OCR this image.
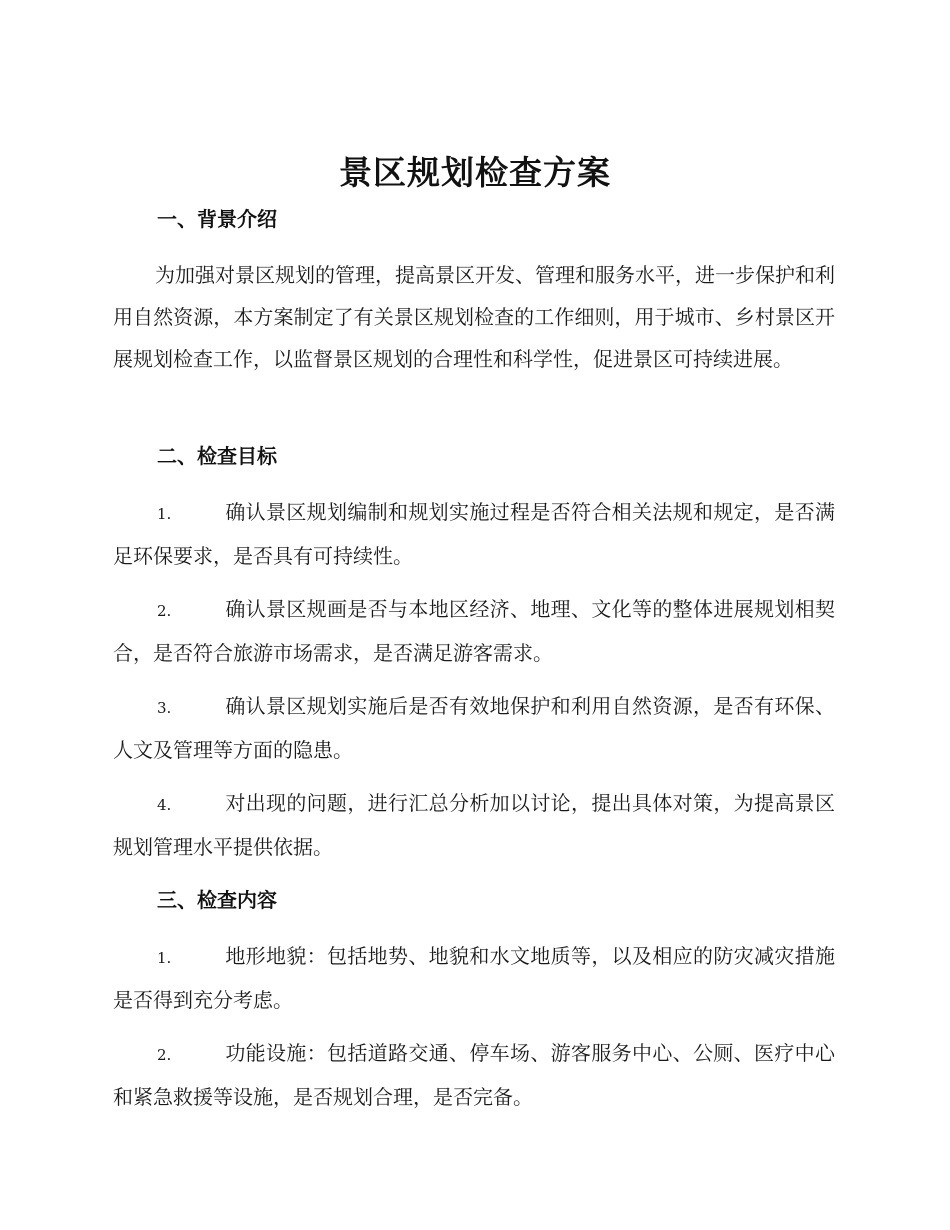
景区规划检查方案
一、背景介绍
为加强对景区规划的管理，提高景区开发、管理和服务水平，进一步保护和利用自然资源，本方案制定了有关景区规划检查的工作细则，用于城市、乡村景区开展规划检查工作，以监督景区规划的合理性和科学性，促进景区可持续进展。
二、检查目标
1.	确认景区规划编制和规划实施过程是否符合相关法规和规定，是否满足环保要求，是否具有可持续性。
2.	确认景区规画是否与本地区经济、地理、文化等的整体进展规划相契合，是否符合旅游市场需求，是否满足游客需求。
3.	确认景区规划实施后是否有效地保护和利用自然资源，是否有环保、人文及管理等方面的隐患。
4.	对出现的问题，进行汇总分析加以讨论，提出具体对策，为提高景区规划管理水平提供依据。
三、检查内容
1.	地形地貌：包括地势、地貌和水文地质等，以及相应的防灾减灾措施是否得到充分考虑。
2.	功能设施：包括道路交通、停车场、游客服务中心、公厕、医疗中心和紧急救援等设施，是否规划合理，是否完备。
